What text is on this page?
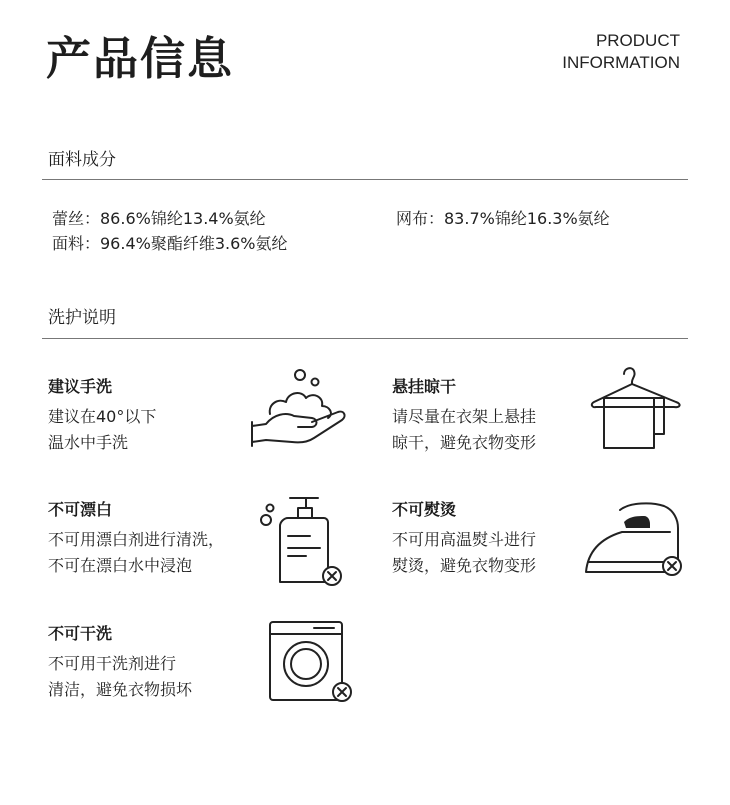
产品信息	PRODUCT
INFORMATION
面料成分
蕾丝：86.6%锦纶13.4%氨纶	网布：83.7%锦纶16.3%氨纶
面料：96.4%聚酯纤维3.6%氨纶
洗护说明
建议手洗
建议在40°以下
温水中手洗
悬挂晾干
请尽量在衣架上悬挂
晾干，避免衣物变形
不可漂白
不可用漂白剂进行清洗，
不可在漂白水中浸泡
不可熨烫
不可用高温熨斗进行
熨烫，避免衣物变形
不可干洗
不可用干洗剂进行
清洁，避免衣物损坏
